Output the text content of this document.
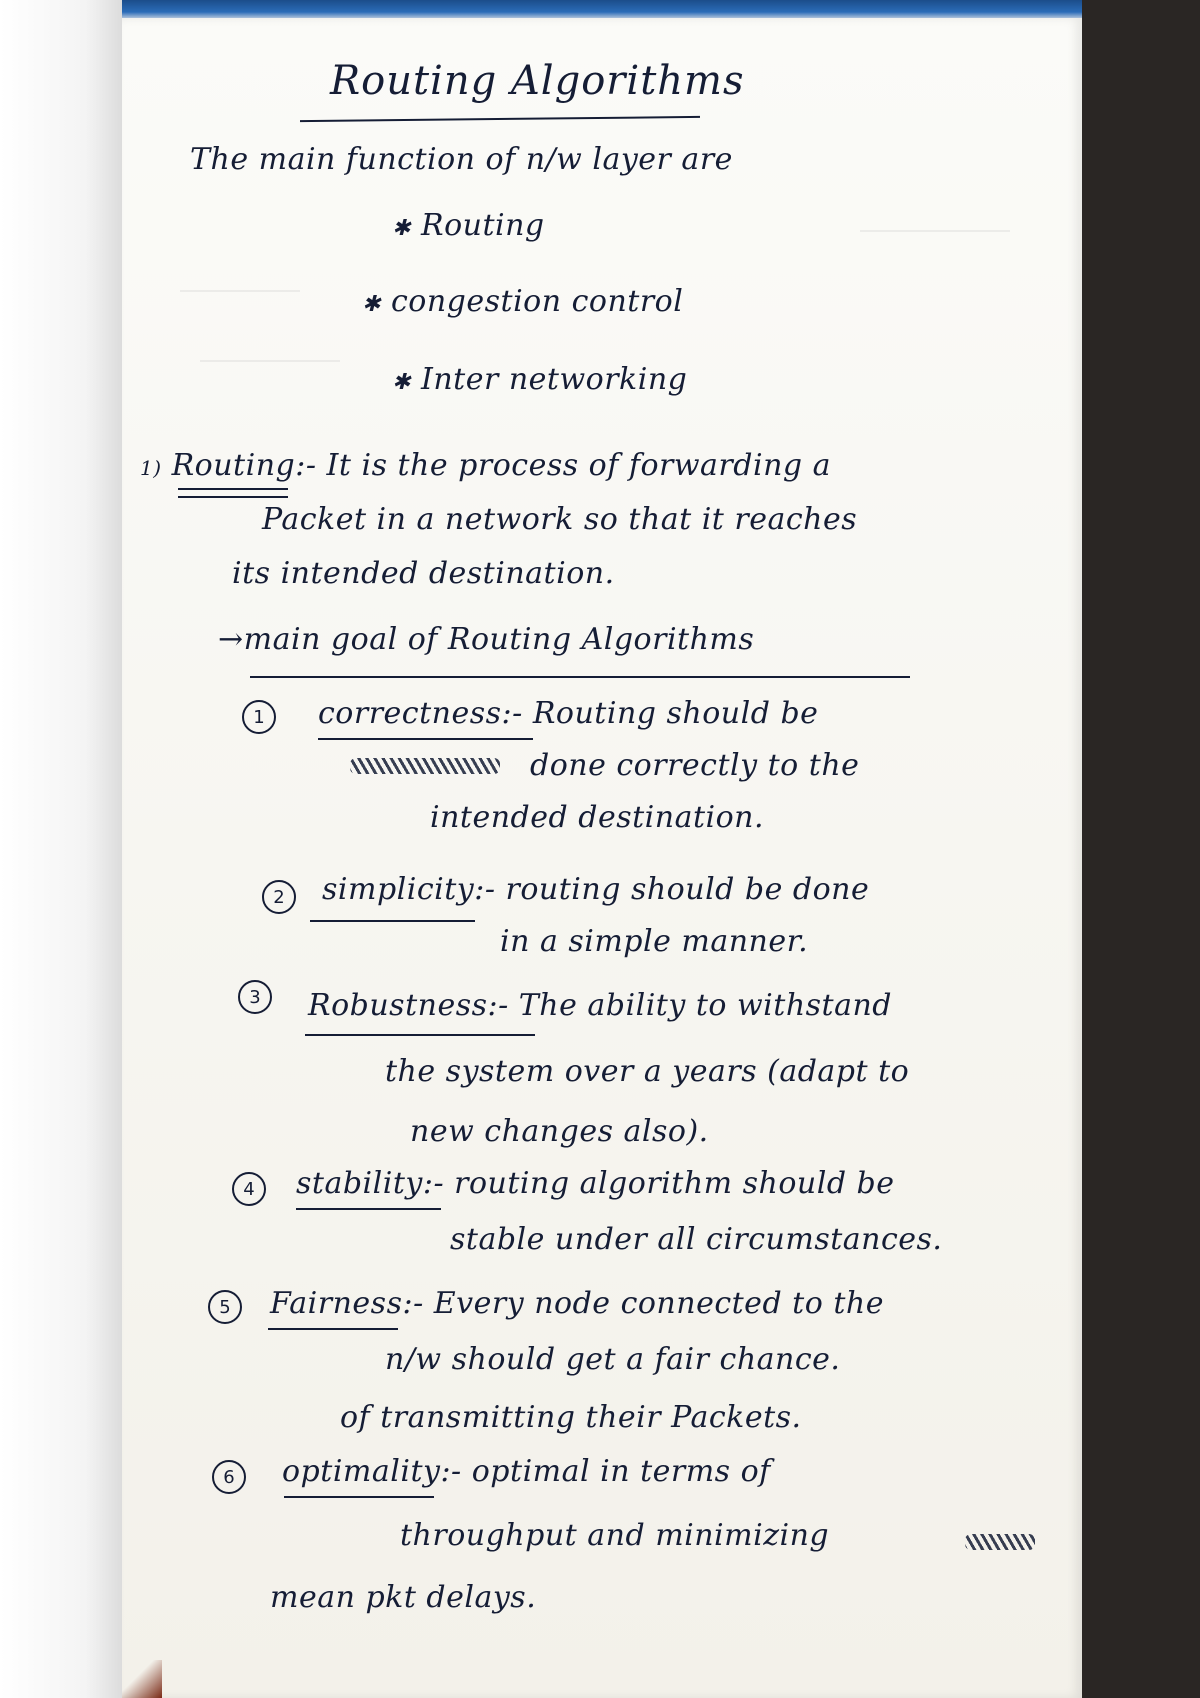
Routing Algorithms
The main function of n/w layer are
✱ Routing
✱ congestion control
✱ Inter networking
1) Routing:- It is the process of forwarding a
Packet in a network so that it reaches
its intended destination.
→main goal of Routing Algorithms
1	correctness:- Routing should be
done correctly to the
intended destination.
2	simplicity:- routing should be done
in a simple manner.
3	Robustness:- The ability to withstand
the system over a years (adapt to
new changes also).
4	stability:- routing algorithm should be
stable under all circumstances.
5	Fairness:- Every node connected to the
n/w should get a fair chance.
of transmitting their Packets.
6	optimality:- optimal in terms of
throughput and minimizing
mean pkt delays.
